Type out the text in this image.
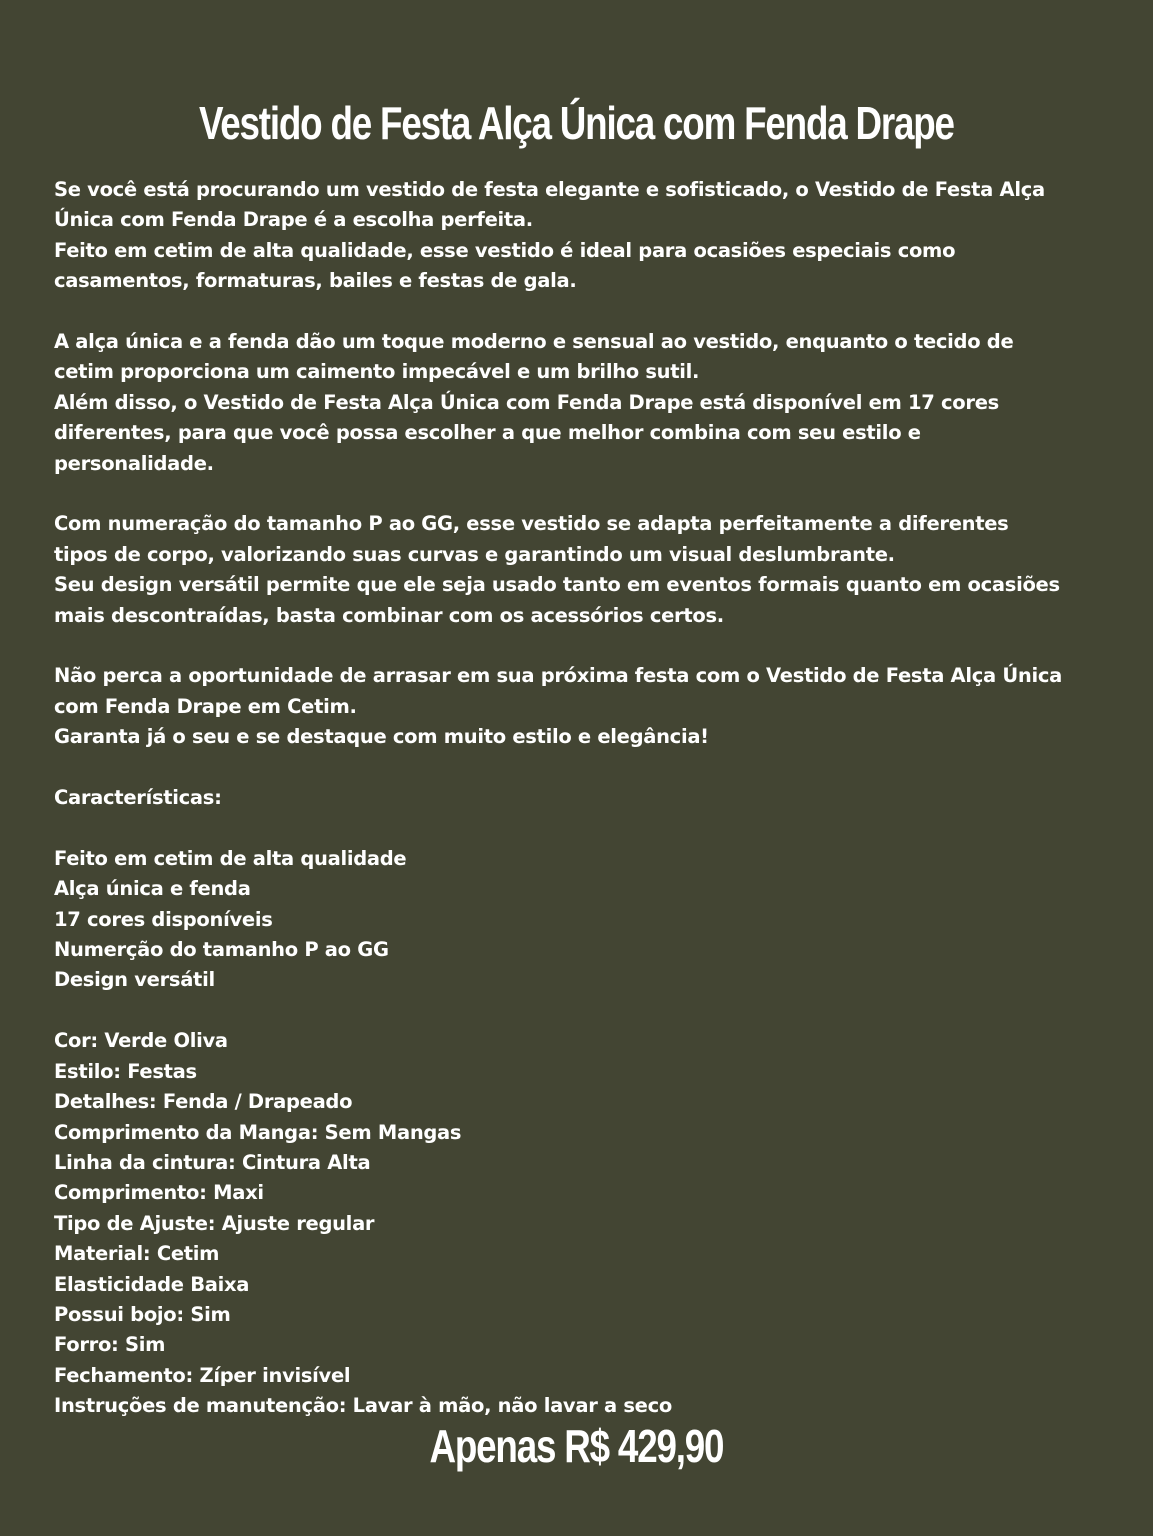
Vestido de Festa Alça Única com Fenda Drape

Se você está procurando um vestido de festa elegante e sofisticado, o Vestido de Festa Alça

Única com Fenda Drape é a escolha perfeita.

Feito em cetim de alta qualidade, esse vestido é ideal para ocasiões especiais como

casamentos, formaturas, bailes e festas de gala.

A alça única e a fenda dão um toque moderno e sensual ao vestido, enquanto o tecido de

cetim proporciona um caimento impecável e um brilho sutil.

Além disso, o Vestido de Festa Alça Única com Fenda Drape está disponível em 17 cores

diferentes, para que você possa escolher a que melhor combina com seu estilo e

personalidade.

Com numeração do tamanho P ao GG, esse vestido se adapta perfeitamente a diferentes

tipos de corpo, valorizando suas curvas e garantindo um visual deslumbrante.

Seu design versátil permite que ele seja usado tanto em eventos formais quanto em ocasiões

mais descontraídas, basta combinar com os acessórios certos.

Não perca a oportunidade de arrasar em sua próxima festa com o Vestido de Festa Alça Única

com Fenda Drape em Cetim.

Garanta já o seu e se destaque com muito estilo e elegância!

Características:

Feito em cetim de alta qualidade

Alça única e fenda

17 cores disponíveis

Numerção do tamanho P ao GG

Design versátil

Cor: Verde Oliva

Estilo: Festas

Detalhes: Fenda / Drapeado

Comprimento da Manga: Sem Mangas

Linha da cintura: Cintura Alta

Comprimento: Maxi

Tipo de Ajuste: Ajuste regular

Material: Cetim

Elasticidade Baixa

Possui bojo: Sim

Forro: Sim

Fechamento: Zíper invisível

Instruções de manutenção: Lavar à mão, não lavar a seco

Apenas R$ 429,90
